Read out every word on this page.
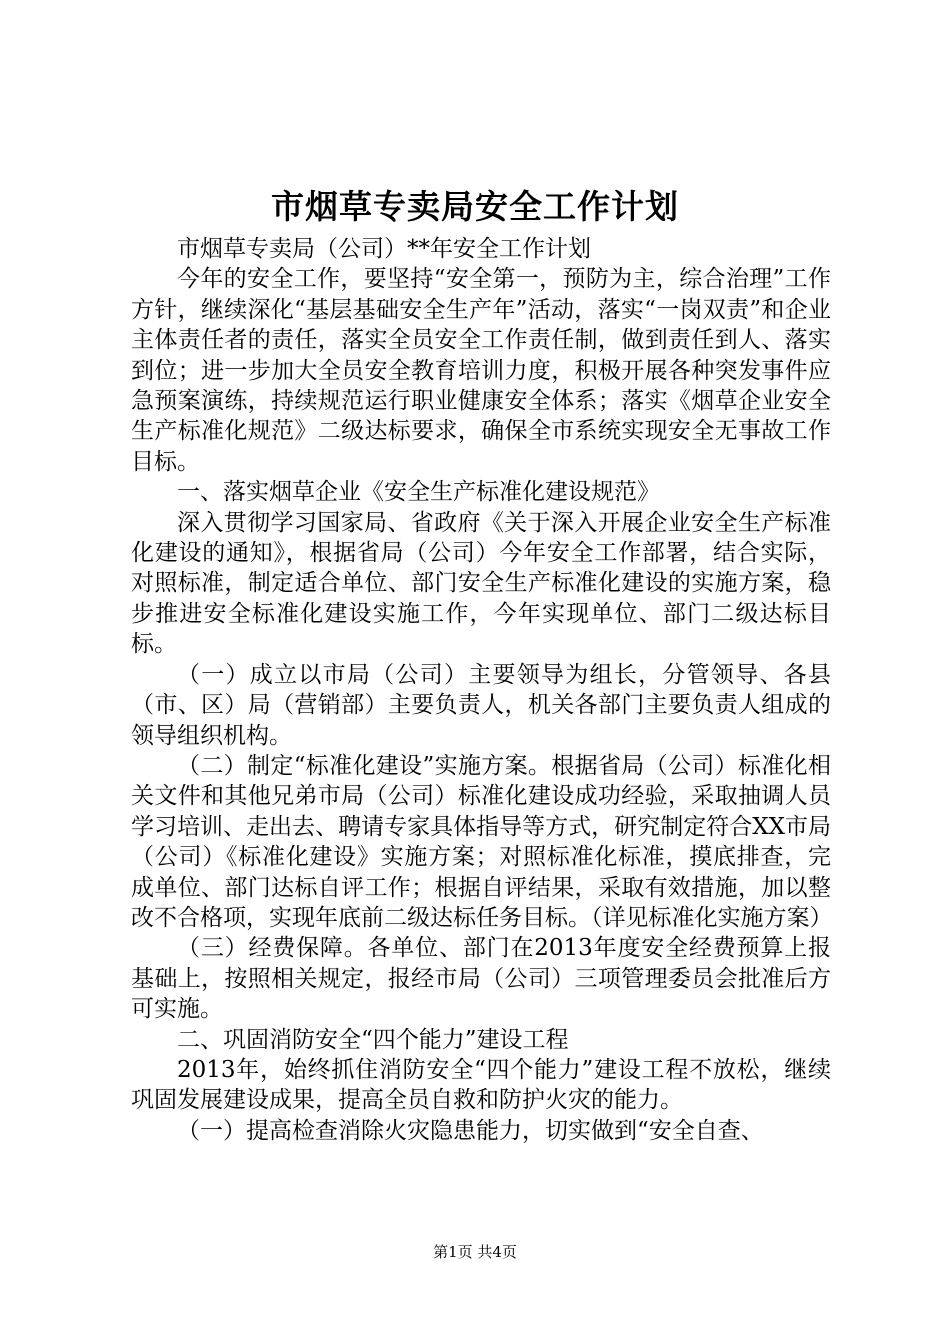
市烟草专卖局安全工作计划

市烟草专卖局（公司）**年安全工作计划

今年的安全工作，要坚持“安全第一，预防为主，综合治理”工作方针，继续深化“基层基础安全生产年”活动，落实“一岗双责”和企业主体责任者的责任，落实全员安全工作责任制，做到责任到人、落实到位；进一步加大全员安全教育培训力度，积极开展各种突发事件应急预案演练，持续规范运行职业健康安全体系；落实《烟草企业安全生产标准化规范》二级达标要求，确保全市系统实现安全无事故工作目标。

一、落实烟草企业《安全生产标准化建设规范》

深入贯彻学习国家局、省政府《关于深入开展企业安全生产标准化建设的通知》，根据省局（公司）今年安全工作部署，结合实际，对照标准，制定适合单位、部门安全生产标准化建设的实施方案，稳步推进安全标准化建设实施工作，今年实现单位、部门二级达标目标。

（一）成立以市局（公司）主要领导为组长，分管领导、各县（市、区）局（营销部）主要负责人，机关各部门主要负责人组成的领导组织机构。

（二）制定“标准化建设”实施方案。根据省局（公司）标准化相关文件和其他兄弟市局（公司）标准化建设成功经验，采取抽调人员学习培训、走出去、聘请专家具体指导等方式，研究制定符合XX市局（公司）《标准化建设》实施方案；对照标准化标准，摸底排查，完成单位、部门达标自评工作；根据自评结果，采取有效措施，加以整改不合格项，实现年底前二级达标任务目标。（详见标准化实施方案）

（三）经费保障。各单位、部门在2013年度安全经费预算上报基础上，按照相关规定，报经市局（公司）三项管理委员会批准后方可实施。

二、巩固消防安全“四个能力”建设工程

2013年，始终抓住消防安全“四个能力”建设工程不放松，继续巩固发展建设成果，提高全员自救和防护火灾的能力。

（一）提高检查消除火灾隐患能力，切实做到“安全自查、

第1页 共4页
